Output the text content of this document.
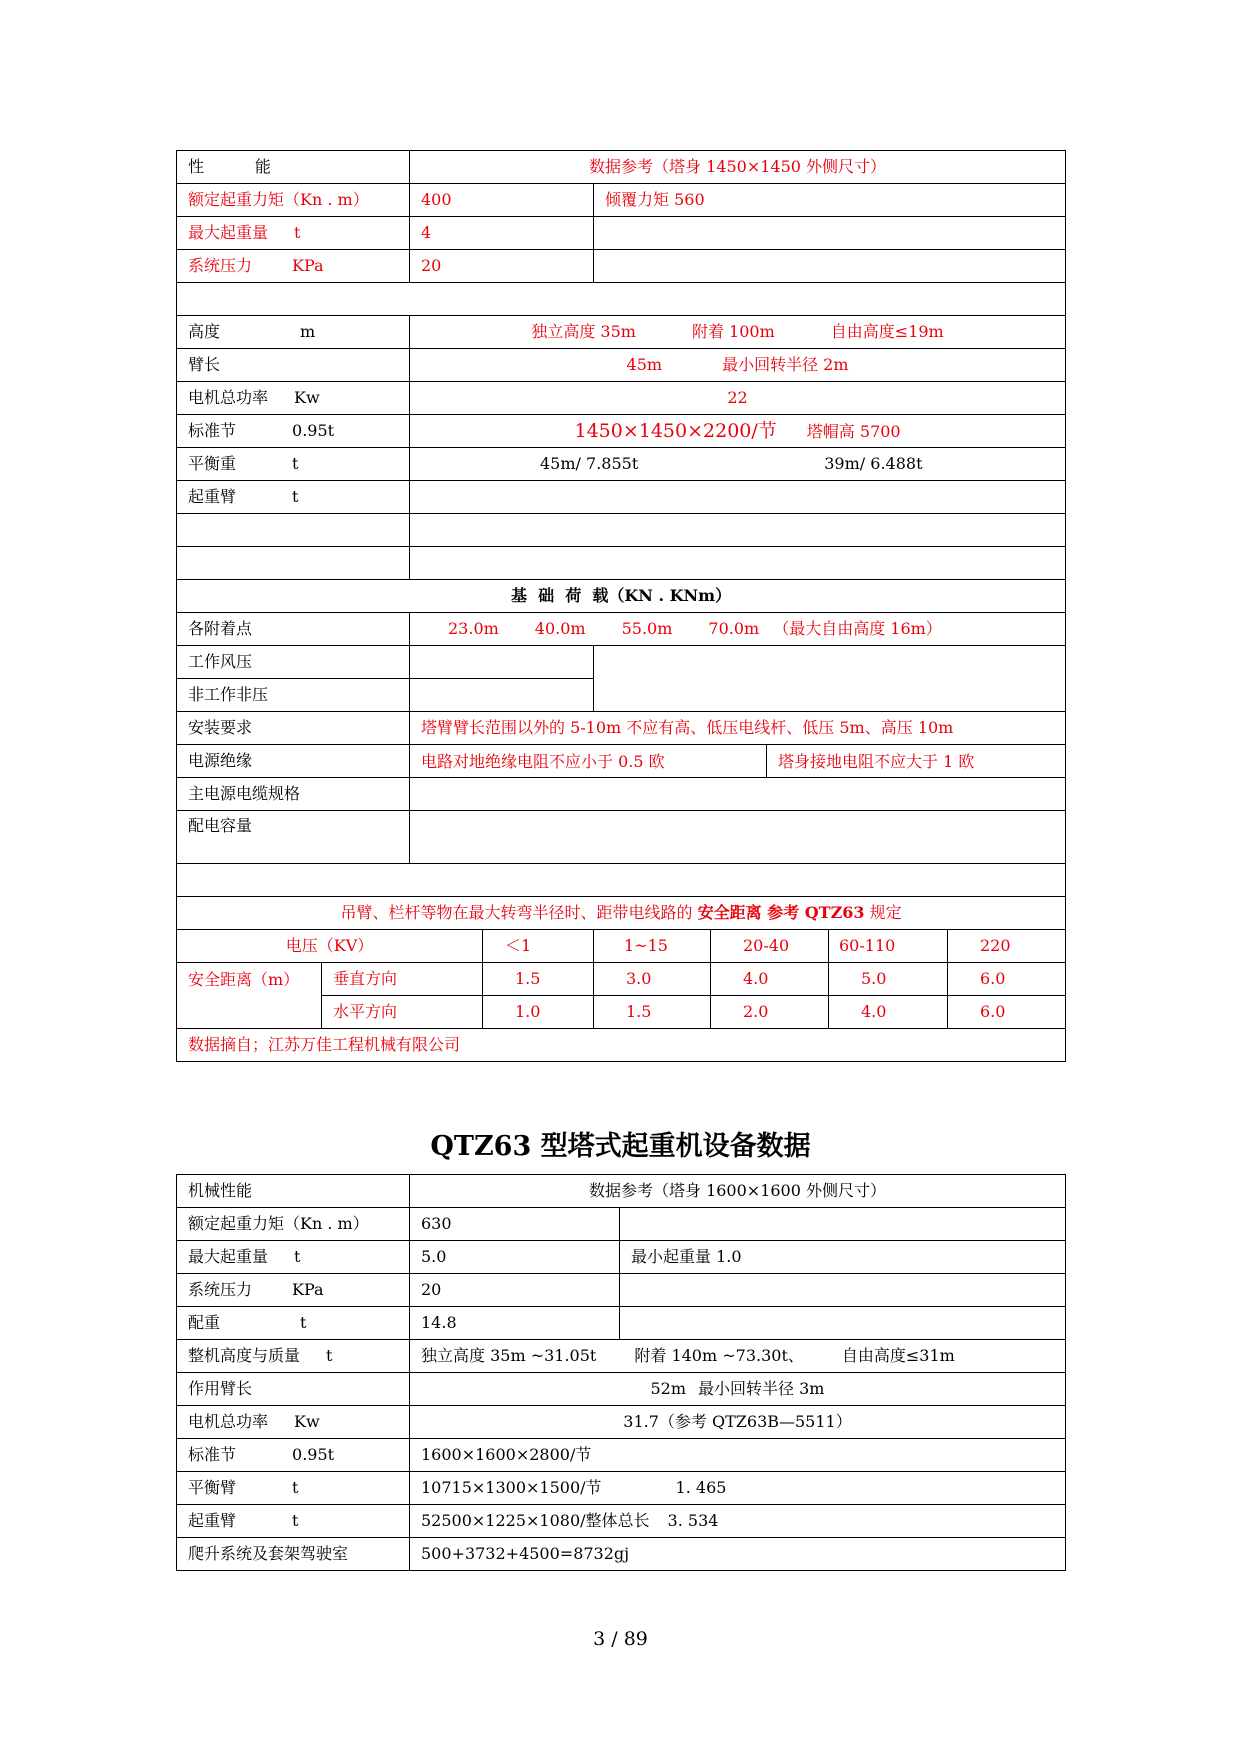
性          能		数据参考（塔身 1450×1450 外侧尺寸）					
额定起重力矩（Kn . m）		400		倾覆力矩 560			
最大起重量 t		4					
系统压力 KPa		20					

高度 m		独立高度 35m 附着 100m 自由高度≤19m					
臂长		45m 最小回转半径 2m					
电机总功率 Kw		22					
标准节 0.95t		1450×1450×2200/节 塔帽高 5700					
平衡重 t		45m/ 7.855t 39m/ 6.488t					
起重臂 t							

基  础  荷  载（KN . KNm）							
各附着点		23.0m 40.0m 55.0m 70.0m （最大自由高度 16m）					
工作风压							
非工作非压							
安装要求		塔臂臂长范围以外的 5-10m 不应有高、低压电线杆、低压 5m、高压 10m					
电源绝缘		电路对地绝缘电阻不应小于 0.5 欧 塔身接地电阻不应大于 1 欧					

主电源电缆规格							
配电容量							

吊臂、栏杆等物在最大转弯半径时、距带电线路的 安全距离 参考 QTZ63 规定							
电压（KV）			＜1	1~15	20-40	60-110	220
安全距离（m）	垂直方向		1.5	3.0	4.0	5.0	6.0
	水平方向		1.0	1.5	2.0	4.0	6.0
数据摘自；江苏万佳工程机械有限公司							
QTZ63 型塔式起重机设备数据
机械性能	数据参考（塔身 1600×1600 外侧尺寸）	
额定起重力矩（Kn . m）	630	
最大起重量 t	5.0	最小起重量 1.0
系统压力 KPa	20	
配重 t	14.8	
整机高度与质量 t	独立高度 35m ~31.05t 附着 140m ~73.30t、 自由高度≤31m	
作用臂长	52m 最小回转半径 3m	
电机总功率 Kw	31.7（参考 QTZ63B—5511）	
标准节 0.95t	1600×1600×2800/节	
平衡臂 t	10715×1300×1500/节 1. 465	
起重臂 t	52500×1225×1080/整体总长 3. 534	
爬升系统及套架驾驶室	500+3732+4500=8732gj	
3 / 89
